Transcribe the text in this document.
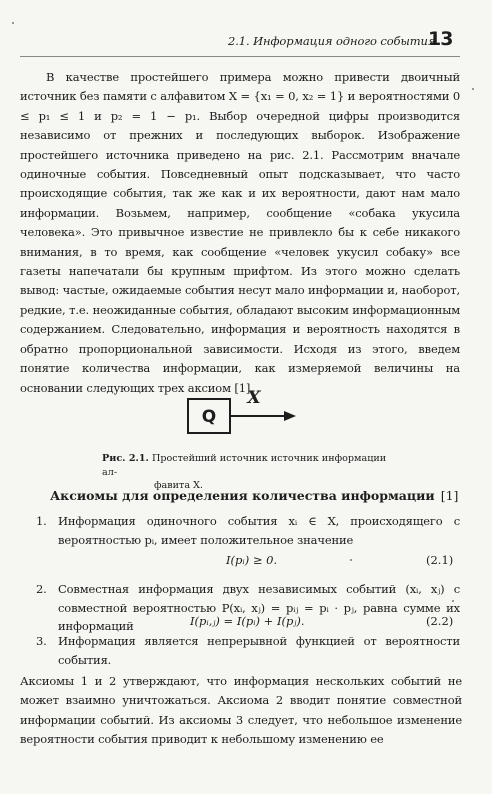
2.1. Информация одного события
13

В качестве простейшего примера можно привести двоичный источник без памяти с алфавитом X = {x₁ = 0, x₂ = 1} и вероятностями 0 ≤ p₁ ≤ 1 и p₂ = 1 − p₁. Выбор очередной цифры производится независимо от прежних и последующих выборок. Изображение простейшего источника приведено на рис. 2.1. Рассмотрим вначале одиночные события. Повседневный опыт подсказывает, что часто происходящие события, так же как и их вероятности, дают нам мало информации. Возьмем, например, сообщение «собака укусила человека». Это привычное известие не привлекло бы к себе никакого внимания, в то время, как сообщение «человек укусил собаку» все газеты напечатали бы крупным шрифтом. Из этого можно сделать вывод: частые, ожидаемые события несут мало информации и, наоборот, редкие, т.е. неожиданные события, обладают высоким информационным содержанием. Следовательно, информация и вероятность находятся в обратно пропорциональной зависимости. Исходя из этого, введем понятие количества информации, как измеряемой величины на основании следующих трех аксиом [1].

Q
X
Рис. 2.1. Простейший источник источник информации ал-
фавита X.
Аксиомы для определения количества информации [1]
1. Информация одиночного события xᵢ ∈ X, происходящего с вероятностью pᵢ, имеет положительное значение
I(pᵢ) ≥ 0.	(2.1)
2. Совместная информация двух независимых событий (xᵢ, xⱼ) с совместной вероятностью P(xᵢ, xⱼ) = pᵢⱼ = pᵢ · pⱼ, равна сумме их информаций	I(pᵢ,ⱼ) = I(pᵢ) + I(pⱼ).	(2.2)
3. Информация является непрерывной функцией от вероятности события.

Аксиомы 1 и 2 утверждают, что информация нескольких событий не может взаимно уничтожаться. Аксиома 2 вводит понятие совместной информации событий. Из аксиомы 3 следует, что небольшое изменение вероятности события приводит к небольшому изменению ее
